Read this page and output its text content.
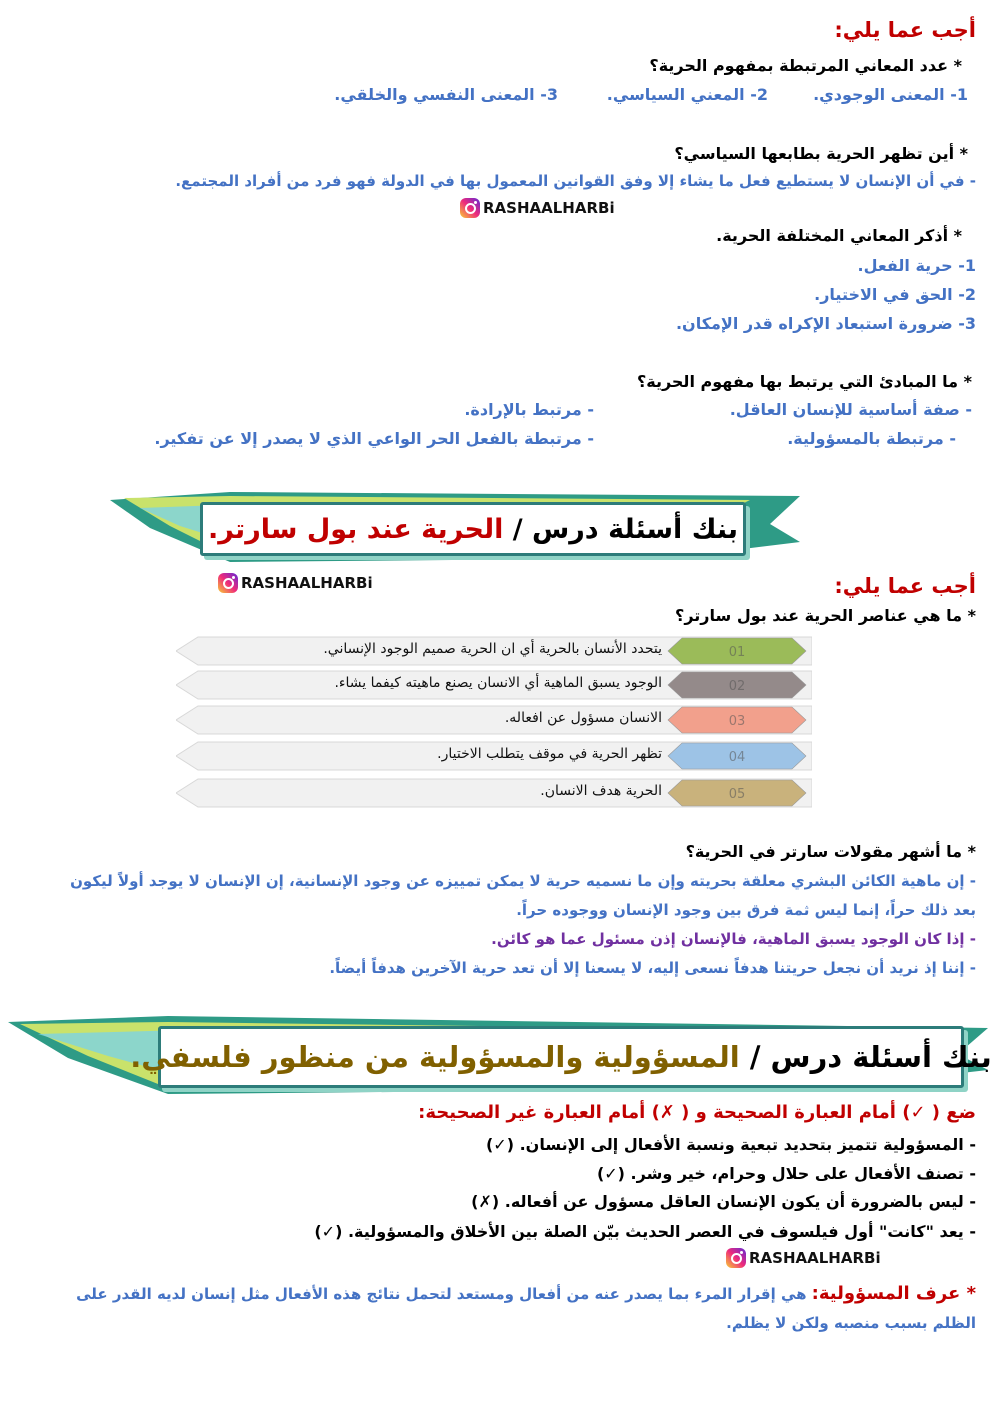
أجب عما يلي:
* عدد المعاني المرتبطة بمفهوم الحرية؟
1- المعنى الوجودي.
2- المعني السياسي.
3- المعنى النفسي والخلقي.
* أين تظهر الحرية بطابعها السياسي؟
- في أن الإنسان لا يستطيع فعل ما يشاء إلا وفق القوانين المعمول بها في الدولة فهو فرد من أفراد المجتمع.
RASHAALHARBi
* أذكر المعاني المختلفة الحرية.
1- حرية الفعل.
2- الحق في الاختيار.
3- ضرورة استبعاد الإكراه قدر الإمكان.
* ما المبادئ التي يرتبط بها مفهوم الحرية؟
- صفة أساسية للإنسان العاقل.
- مرتبط بالإرادة.
- مرتبطة بالمسؤولية.
- مرتبطة بالفعل الحر الواعي الذي لا يصدر إلا عن تفكير.
بنك أسئلة درس /

الحرية عند بول سارتر.
RASHAALHARBi	أجب عما يلي:
* ما هي عناصر الحرية عند بول سارتر؟
01
يتحدد الأنسان بالحرية أي ان الحرية صميم الوجود الإنساني.
02
الوجود يسبق الماهية أي الانسان يصنع ماهيته كيفما يشاء.
03
الانسان مسؤول عن افعاله.
04
تظهر الحرية في موقف يتطلب الاختيار.
05
الحرية هدف الانسان.
* ما أشهر مقولات سارتر في الحرية؟
- إن ماهية الكائن البشري معلقة بحريته وإن ما نسميه حرية لا يمكن تمييزه عن وجود الإنسانية، إن الإنسان لا يوجد أولاً ليكون
بعد ذلك حراً، إنما ليس ثمة فرق بين وجود الإنسان ووجوده حراً.
- إذا كان الوجود يسبق الماهية، فالإنسان إذن مسئول عما هو كائن.
- إننا إذ نريد أن نجعل حريتنا هدفاً نسعى إليه، لا يسعنا إلا أن تعد حرية الآخرين هدفاً أيضاً.
بنك أسئلة درس /

المسؤولية والمسؤولية من منظور فلسفي.
ضع ( ✓) أمام العبارة الصحيحة و ( ✗) أمام العبارة غير الصحيحة:
- المسؤولية تتميز بتحديد تبعية ونسبة الأفعال إلى الإنسان. (✓)
- تصنف الأفعال على حلال وحرام، خير وشر. (✓)
- ليس بالضرورة أن يكون الإنسان العاقل مسؤول عن أفعاله. (✗)
- يعد "كانت" أول فيلسوف في العصر الحديث بيّن الصلة بين الأخلاق والمسؤولية. (✓)
RASHAALHARBi
* عرف المسؤولية: هي إقرار المرء بما يصدر عنه من أفعال ومستعد لتحمل نتائج هذه الأفعال مثل إنسان لديه القدر على
الظلم بسبب منصبه ولكن لا يظلم.
